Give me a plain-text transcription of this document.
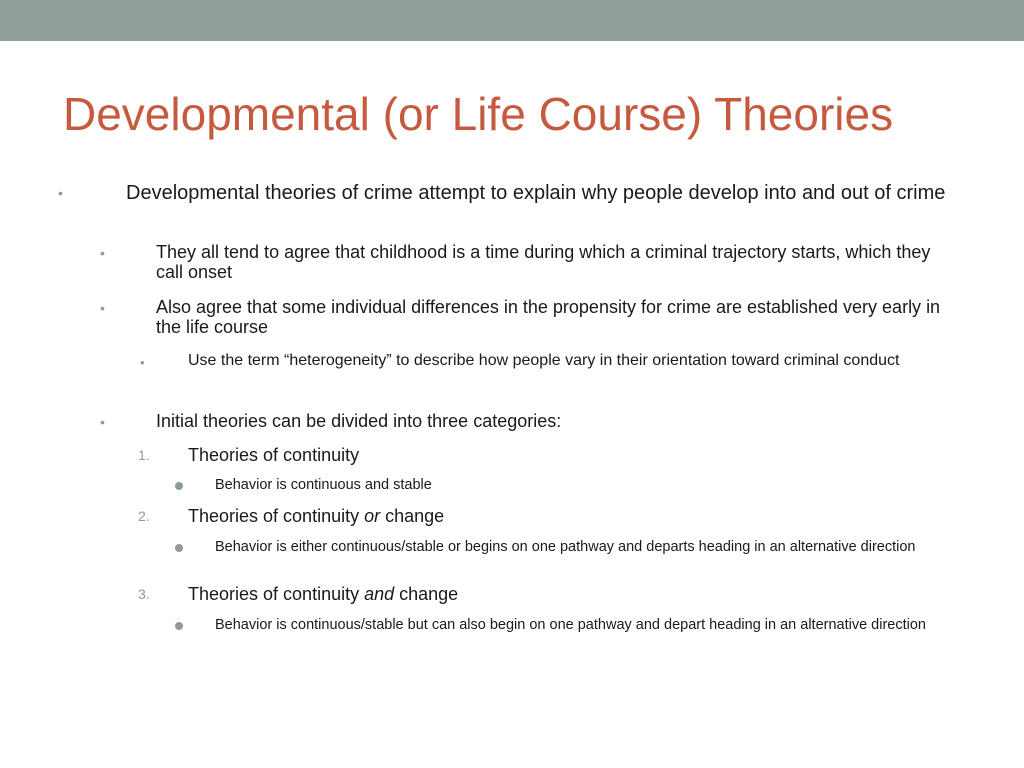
Developmental (or Life Course) Theories
•	Developmental theories of crime attempt to explain why people develop into and out of crime
•	They all tend to agree that childhood is a time during which a criminal trajectory starts, which they call onset
•	Also agree that some individual differences in the propensity for crime are established very early in the life course
•	Use the term “heterogeneity” to describe how people vary in their orientation toward criminal conduct
•	Initial theories can be divided into three categories:
1. Theories of continuity
Behavior is continuous and stable
2. Theories of continuity or change
Behavior is either continuous/stable or begins on one pathway and departs heading in an alternative direction
3. Theories of continuity and change
Behavior is continuous/stable but can also begin on one pathway and depart heading in an alternative direction
